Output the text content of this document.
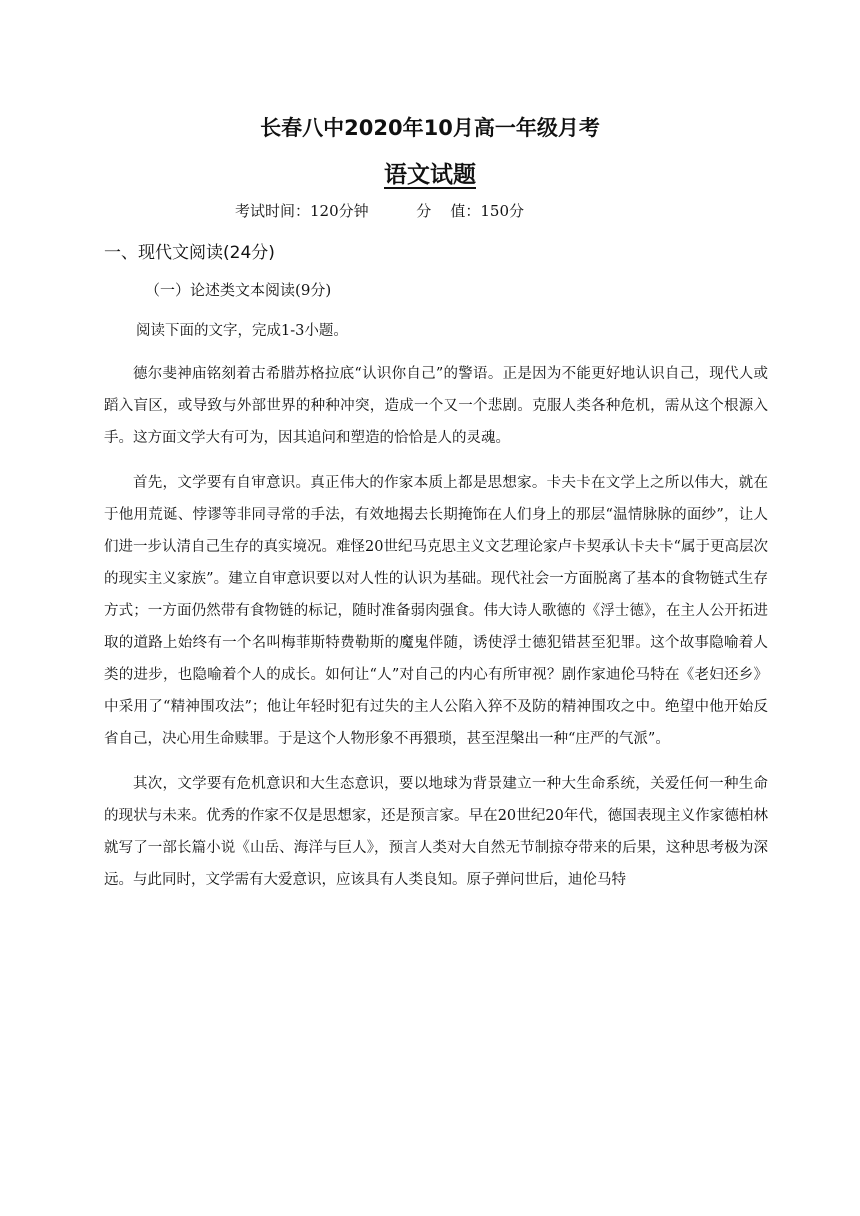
长春八中2020年10月高一年级月考
语文试题
考试时间：120分钟          分    值：150分
一、现代文阅读(24分)
（一）论述类文本阅读(9分)
阅读下面的文字，完成1-3小题。

德尔斐神庙铭刻着古希腊苏格拉底“认识你自己”的警语。正是因为不能更好地认识自己，现代人或蹈入盲区，或导致与外部世界的种种冲突，造成一个又一个悲剧。克服人类各种危机，需从这个根源入手。这方面文学大有可为，因其追问和塑造的恰恰是人的灵魂。

首先，文学要有自审意识。真正伟大的作家本质上都是思想家。卡夫卡在文学上之所以伟大，就在于他用荒诞、悖谬等非同寻常的手法，有效地揭去长期掩饰在人们身上的那层“温情脉脉的面纱”，让人们进一步认清自己生存的真实境况。难怪20世纪马克思主义文艺理论家卢卡契承认卡夫卡“属于更高层次的现实主义家族”。建立自审意识要以对人性的认识为基础。现代社会一方面脱离了基本的食物链式生存方式；一方面仍然带有食物链的标记，随时准备弱肉强食。伟大诗人歌德的《浮士德》，在主人公开拓进取的道路上始终有一个名叫梅菲斯特费勒斯的魔鬼伴随，诱使浮士德犯错甚至犯罪。这个故事隐喻着人类的进步，也隐喻着个人的成长。如何让“人”对自己的内心有所审视？剧作家迪伦马特在《老妇还乡》中采用了“精神围攻法”；他让年轻时犯有过失的主人公陷入猝不及防的精神围攻之中。绝望中他开始反省自己，决心用生命赎罪。于是这个人物形象不再猥琐，甚至涅槃出一种“庄严的气派”。

其次，文学要有危机意识和大生态意识，要以地球为背景建立一种大生命系统，关爱任何一种生命的现状与未来。优秀的作家不仅是思想家，还是预言家。早在20世纪20年代，德国表现主义作家德柏林就写了一部长篇小说《山岳、海洋与巨人》，预言人类对大自然无节制掠夺带来的后果，这种思考极为深远。与此同时，文学需有大爱意识，应该具有人类良知。原子弹问世后，迪伦马特
